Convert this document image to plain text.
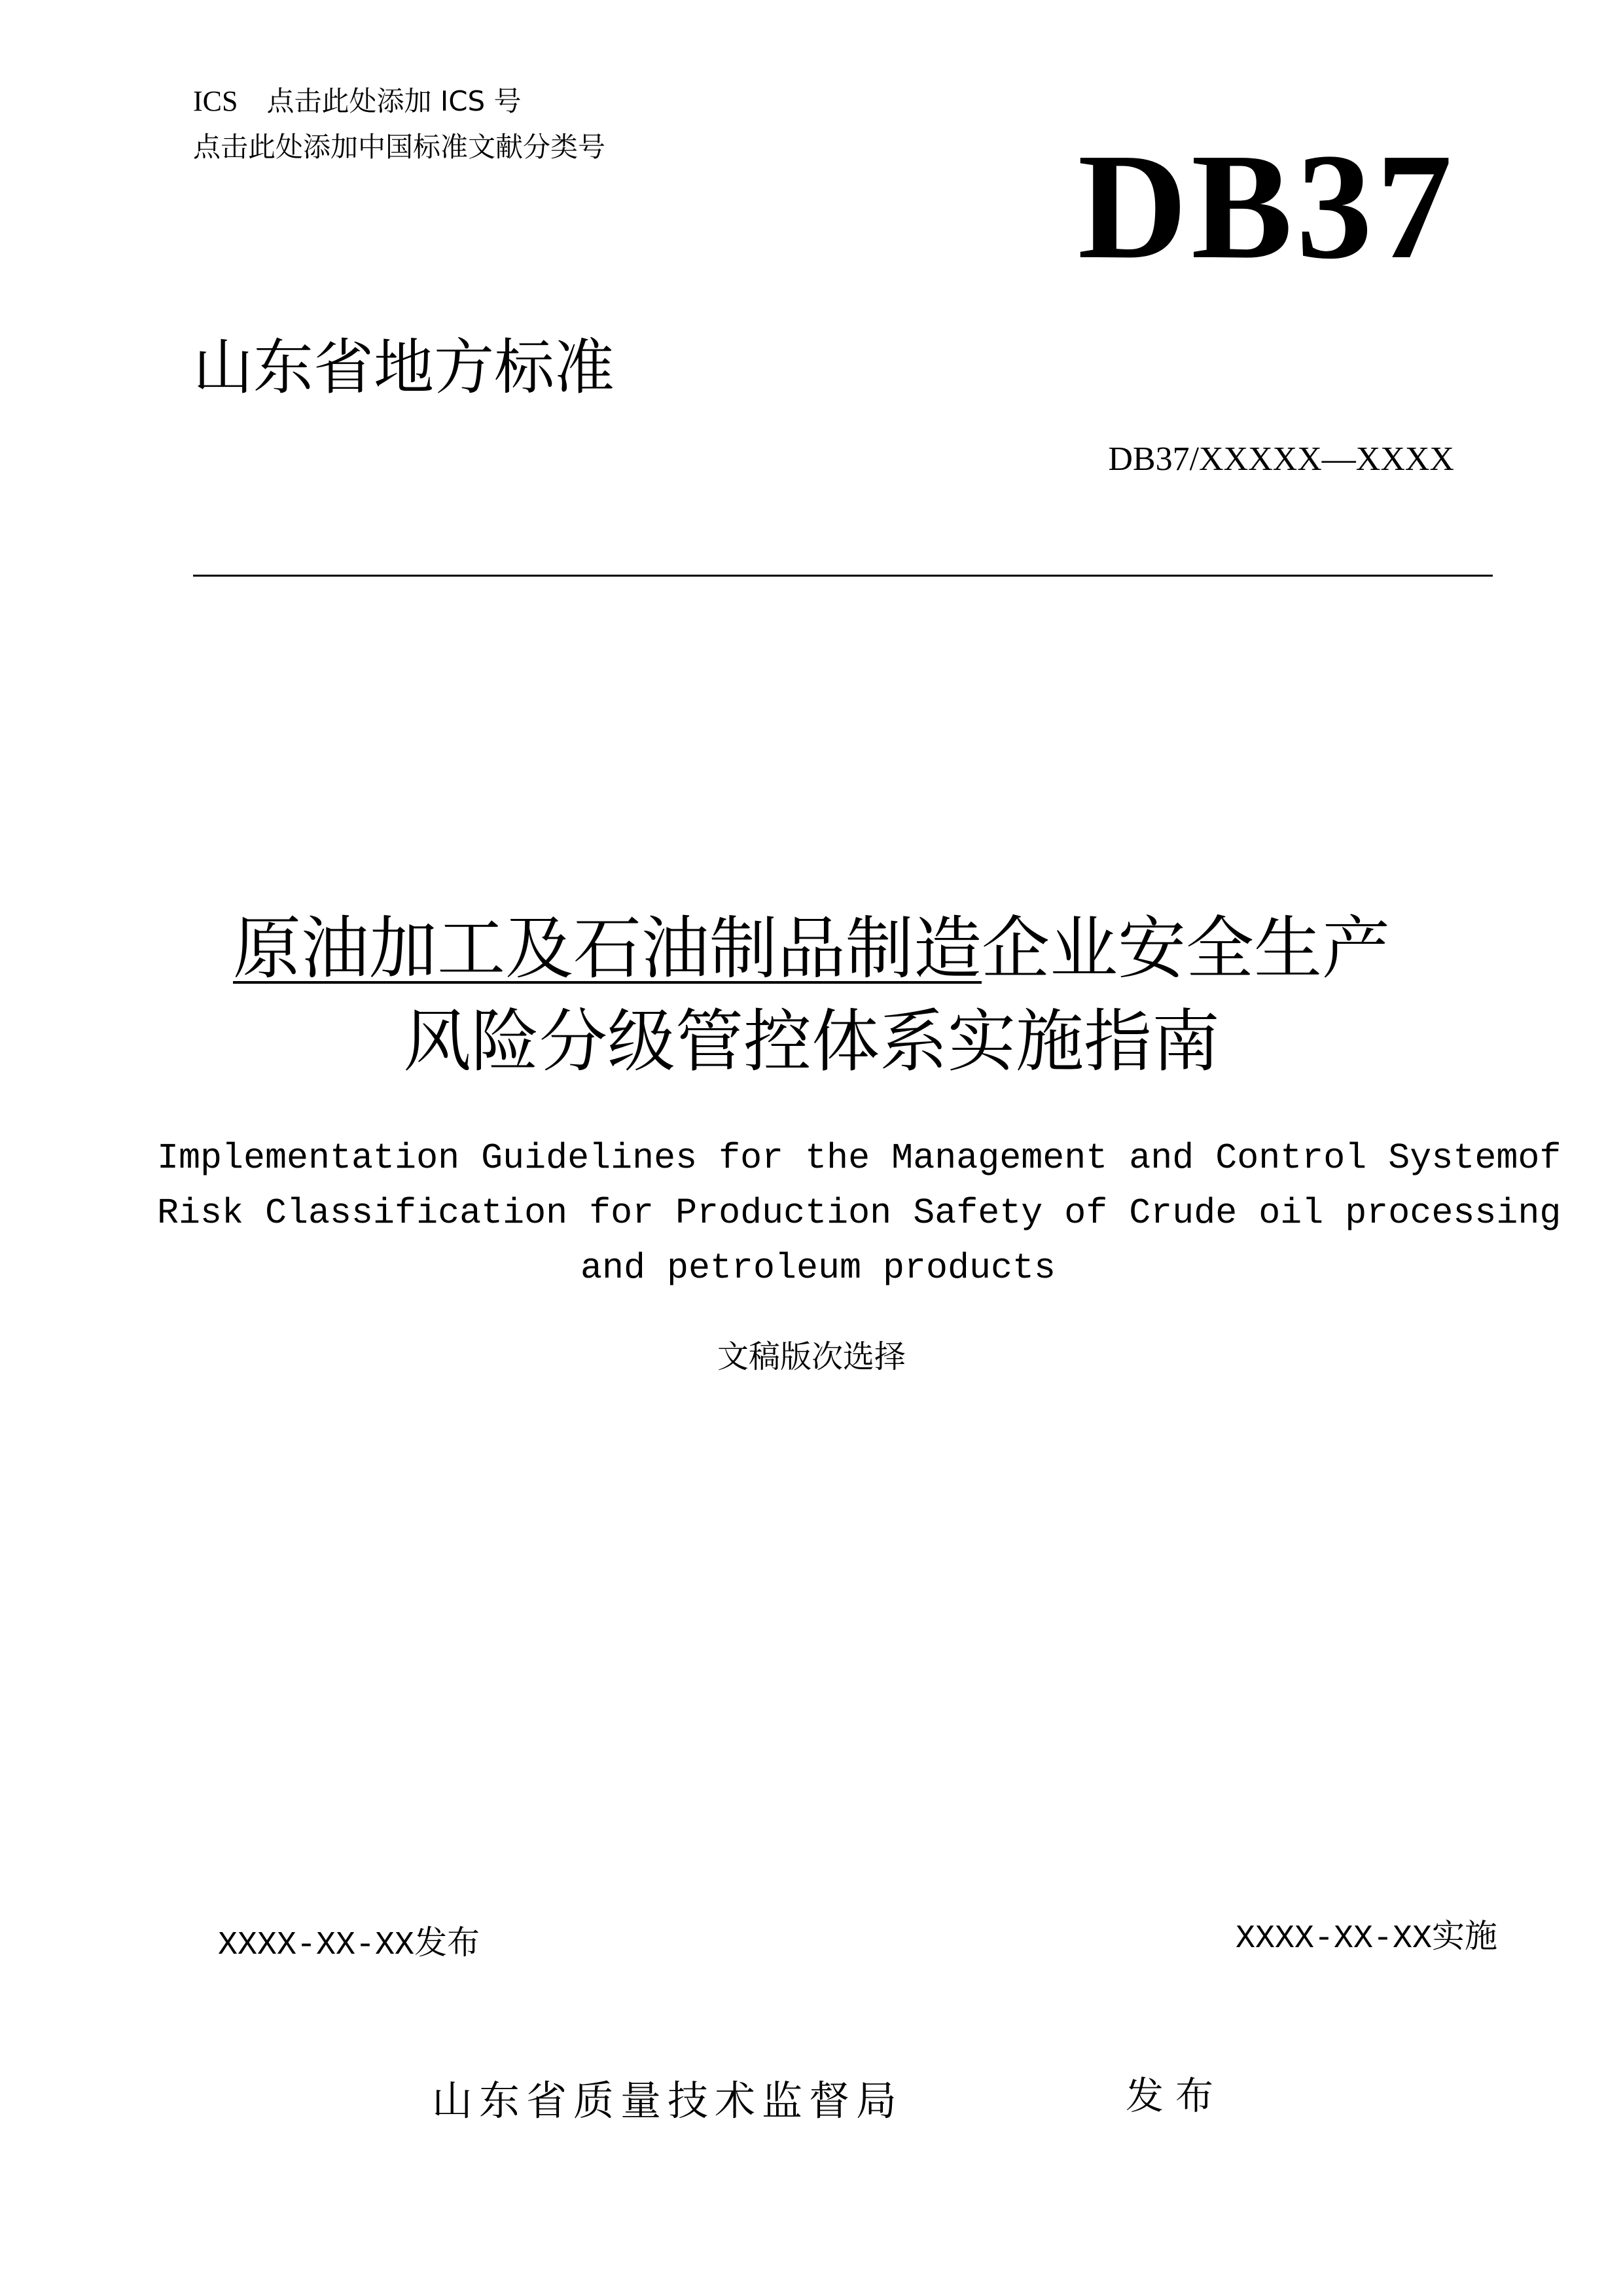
ICS 点击此处添加 ICS 号
点击此处添加中国标准文献分类号	DB37
山东省地方标准
DB37/XXXXX—XXXX
原油加工及石油制品制造企业安全生产
风险分级管控体系实施指南
Implementation Guidelines for the Management and Control Systemof
Risk Classification for Production Safety of Crude oil processing
and petroleum products
文稿版次选择
XXXX-XX-XX发布	XXXX-XX-XX实施
山东省质量技术监督局	发布
